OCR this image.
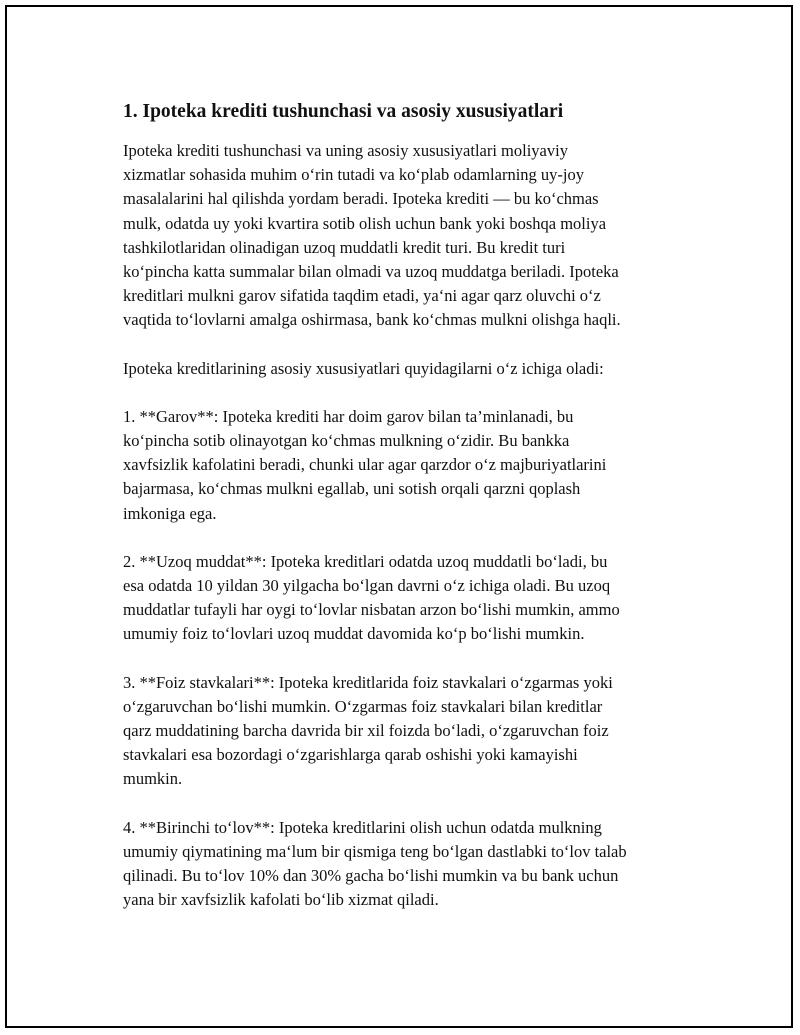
1. Ipoteka krediti tushunchasi va asosiy xususiyatlari

Ipoteka krediti tushunchasi va uning asosiy xususiyatlari moliyaviy
xizmatlar sohasida muhim o‘rin tutadi va ko‘plab odamlarning uy-joy
masalalarini hal qilishda yordam beradi. Ipoteka krediti — bu ko‘chmas
mulk, odatda uy yoki kvartira sotib olish uchun bank yoki boshqa moliya
tashkilotlaridan olinadigan uzoq muddatli kredit turi. Bu kredit turi
ko‘pincha katta summalar bilan olmadi va uzoq muddatga beriladi. Ipoteka
kreditlari mulkni garov sifatida taqdim etadi, ya‘ni agar qarz oluvchi o‘z
vaqtida to‘lovlarni amalga oshirmasa, bank ko‘chmas mulkni olishga haqli.

Ipoteka kreditlarining asosiy xususiyatlari quyidagilarni o‘z ichiga oladi:

1. **Garov**: Ipoteka krediti har doim garov bilan ta’minlanadi, bu
ko‘pincha sotib olinayotgan ko‘chmas mulkning o‘zidir. Bu bankka
xavfsizlik kafolatini beradi, chunki ular agar qarzdor o‘z majburiyatlarini
bajarmasa, ko‘chmas mulkni egallab, uni sotish orqali qarzni qoplash
imkoniga ega.

2. **Uzoq muddat**: Ipoteka kreditlari odatda uzoq muddatli bo‘ladi, bu
esa odatda 10 yildan 30 yilgacha bo‘lgan davrni o‘z ichiga oladi. Bu uzoq
muddatlar tufayli har oygi to‘lovlar nisbatan arzon bo‘lishi mumkin, ammo
umumiy foiz to‘lovlari uzoq muddat davomida ko‘p bo‘lishi mumkin.

3. **Foiz stavkalari**: Ipoteka kreditlarida foiz stavkalari o‘zgarmas yoki
o‘zgaruvchan bo‘lishi mumkin. O‘zgarmas foiz stavkalari bilan kreditlar
qarz muddatining barcha davrida bir xil foizda bo‘ladi, o‘zgaruvchan foiz
stavkalari esa bozordagi o‘zgarishlarga qarab oshishi yoki kamayishi
mumkin.

4. **Birinchi to‘lov**: Ipoteka kreditlarini olish uchun odatda mulkning
umumiy qiymatining ma‘lum bir qismiga teng bo‘lgan dastlabki to‘lov talab
qilinadi. Bu to‘lov 10% dan 30% gacha bo‘lishi mumkin va bu bank uchun
yana bir xavfsizlik kafolati bo‘lib xizmat qiladi.
